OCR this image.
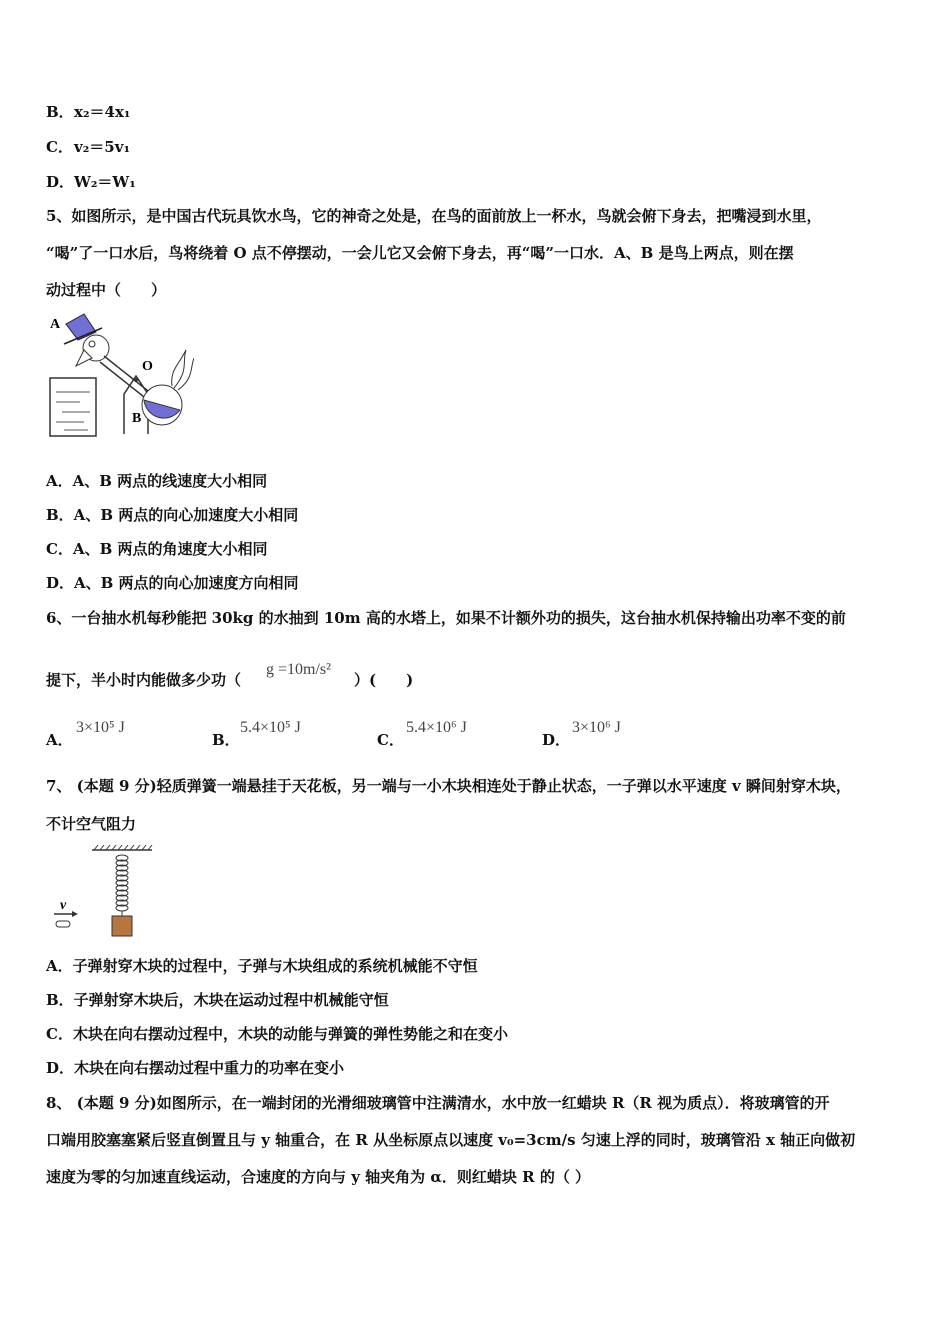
B． x₂＝4x₁
C． v₂＝5v₁
D． W₂＝W₁
5、如图所示，是中国古代玩具饮水鸟，它的神奇之处是，在鸟的面前放上一杯水，鸟就会俯下身去，把嘴浸到水里，
“喝”了一口水后，鸟将绕着 O 点不停摆动，一会儿它又会俯下身去，再“喝”一口水．A、B 是鸟上两点，则在摆
动过程中（　　）
A
O
B
A．A、B 两点的线速度大小相同
B．A、B 两点的向心加速度大小相同
C．A、B 两点的角速度大小相同
D．A、B 两点的向心加速度方向相同
6、一台抽水机每秒能把 30kg 的水抽到 10m 高的水塔上，如果不计额外功的损失，这台抽水机保持输出功率不变的前
提下，半小时内能做多少功（
g =10m/s²
）(　　)
A．
3×10⁵ J
B．
5.4×10⁵ J
C．
5.4×10⁶ J
D．
3×10⁶ J
7、 (本题 9 分)轻质弹簧一端悬挂于天花板，另一端与一小木块相连处于静止状态，一子弹以水平速度 v 瞬间射穿木块，
不计空气阻力
v
A．子弹射穿木块的过程中，子弹与木块组成的系统机械能不守恒
B．子弹射穿木块后，木块在运动过程中机械能守恒
C．木块在向右摆动过程中，木块的动能与弹簧的弹性势能之和在变小
D．木块在向右摆动过程中重力的功率在变小
8、 (本题 9 分)如图所示，在一端封闭的光滑细玻璃管中注满清水，水中放一红蜡块 R（R 视为质点）．将玻璃管的开
口端用胶塞塞紧后竖直倒置且与 y 轴重合，在 R 从坐标原点以速度 v₀=3cm/s 匀速上浮的同时，玻璃管沿 x 轴正向做初
速度为零的匀加速直线运动，合速度的方向与 y 轴夹角为 α．则红蜡块 R 的（ ）
